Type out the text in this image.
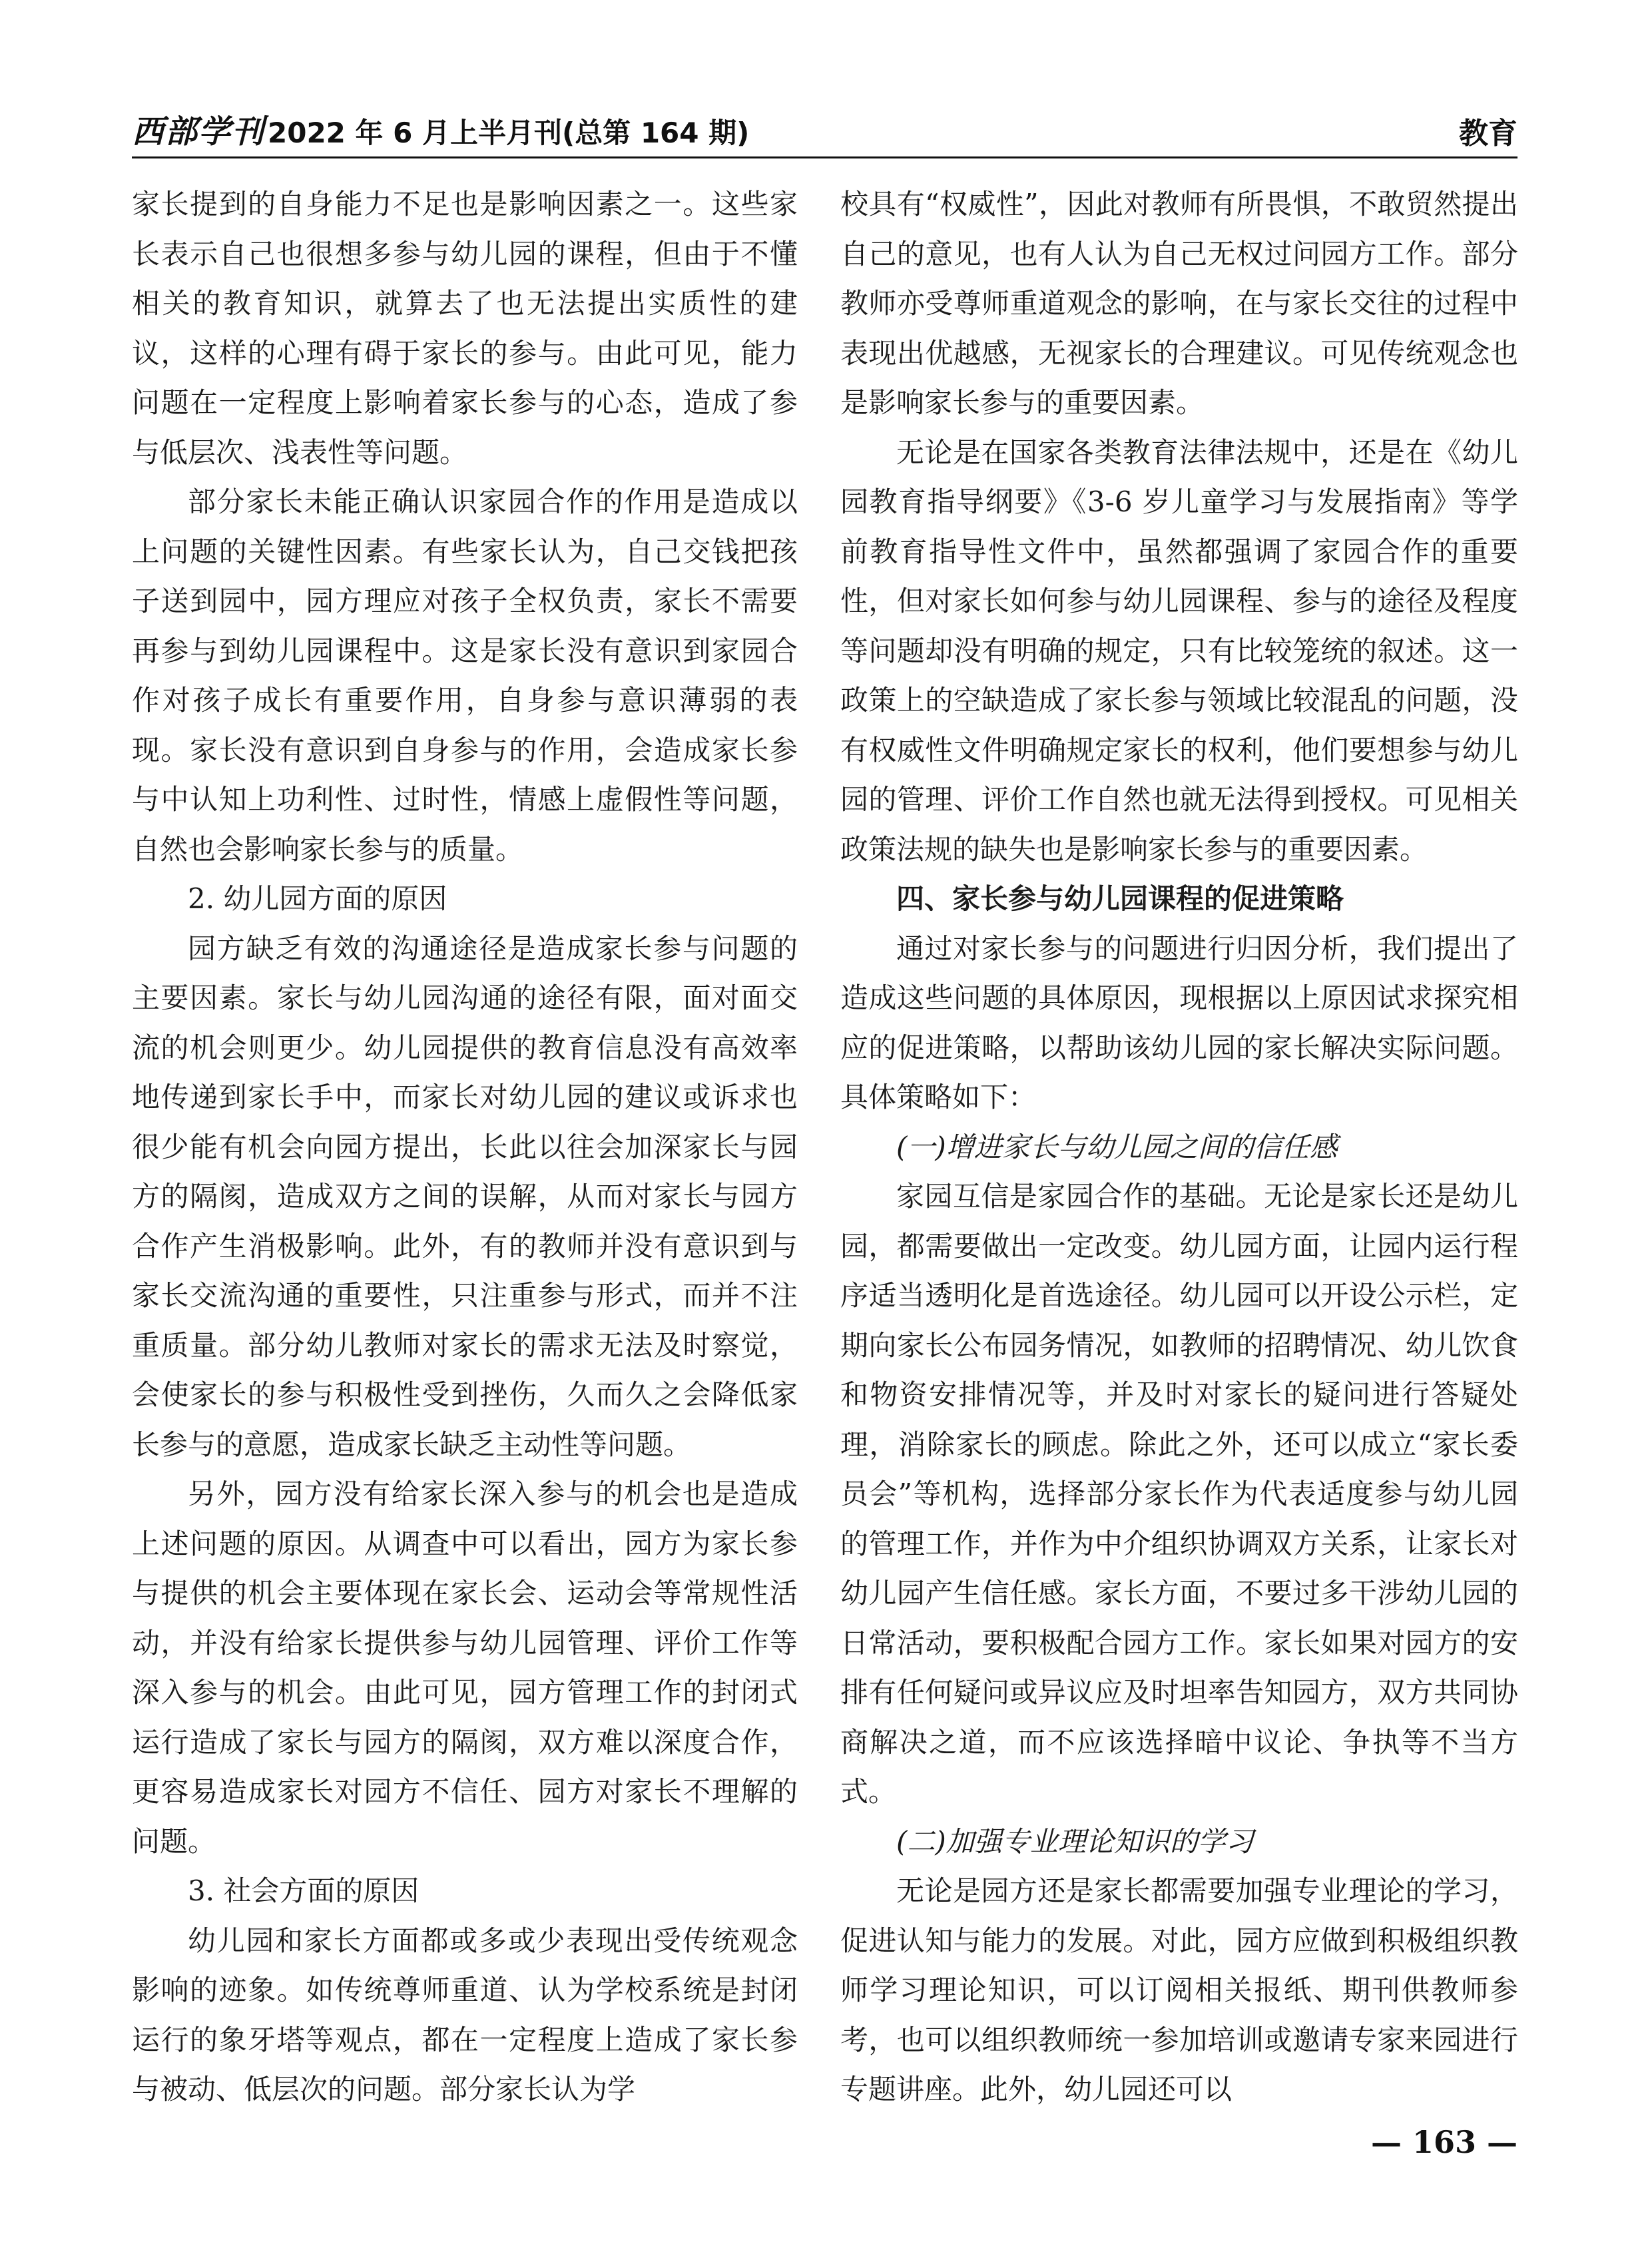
西部学刊 2022 年 6 月上半月刊(总第 164 期)	教育

家长提到的自身能力不足也是影响因素之一。这些家长表示自己也很想多参与幼儿园的课程，但由于不懂相关的教育知识，就算去了也无法提出实质性的建议，这样的心理有碍于家长的参与。由此可见，能力问题在一定程度上影响着家长参与的心态，造成了参与低层次、浅表性等问题。

部分家长未能正确认识家园合作的作用是造成以上问题的关键性因素。有些家长认为，自己交钱把孩子送到园中，园方理应对孩子全权负责，家长不需要再参与到幼儿园课程中。这是家长没有意识到家园合作对孩子成长有重要作用，自身参与意识薄弱的表现。家长没有意识到自身参与的作用，会造成家长参与中认知上功利性、过时性，情感上虚假性等问题，自然也会影响家长参与的质量。

2. 幼儿园方面的原因

园方缺乏有效的沟通途径是造成家长参与问题的主要因素。家长与幼儿园沟通的途径有限，面对面交流的机会则更少。幼儿园提供的教育信息没有高效率地传递到家长手中，而家长对幼儿园的建议或诉求也很少能有机会向园方提出，长此以往会加深家长与园方的隔阂，造成双方之间的误解，从而对家长与园方合作产生消极影响。此外，有的教师并没有意识到与家长交流沟通的重要性，只注重参与形式，而并不注重质量。部分幼儿教师对家长的需求无法及时察觉，会使家长的参与积极性受到挫伤，久而久之会降低家长参与的意愿，造成家长缺乏主动性等问题。

另外，园方没有给家长深入参与的机会也是造成上述问题的原因。从调查中可以看出，园方为家长参与提供的机会主要体现在家长会、运动会等常规性活动，并没有给家长提供参与幼儿园管理、评价工作等深入参与的机会。由此可见，园方管理工作的封闭式运行造成了家长与园方的隔阂，双方难以深度合作，更容易造成家长对园方不信任、园方对家长不理解的问题。

3. 社会方面的原因

幼儿园和家长方面都或多或少表现出受传统观念影响的迹象。如传统尊师重道、认为学校系统是封闭运行的象牙塔等观点，都在一定程度上造成了家长参与被动、低层次的问题。部分家长认为学

校具有“权威性”，因此对教师有所畏惧，不敢贸然提出自己的意见，也有人认为自己无权过问园方工作。部分教师亦受尊师重道观念的影响，在与家长交往的过程中表现出优越感，无视家长的合理建议。可见传统观念也是影响家长参与的重要因素。

无论是在国家各类教育法律法规中，还是在《幼儿园教育指导纲要》《3-6 岁儿童学习与发展指南》等学前教育指导性文件中，虽然都强调了家园合作的重要性，但对家长如何参与幼儿园课程、参与的途径及程度等问题却没有明确的规定，只有比较笼统的叙述。这一政策上的空缺造成了家长参与领域比较混乱的问题，没有权威性文件明确规定家长的权利，他们要想参与幼儿园的管理、评价工作自然也就无法得到授权。可见相关政策法规的缺失也是影响家长参与的重要因素。

四、家长参与幼儿园课程的促进策略

通过对家长参与的问题进行归因分析，我们提出了造成这些问题的具体原因，现根据以上原因试求探究相应的促进策略，以帮助该幼儿园的家长解决实际问题。具体策略如下：

(一)增进家长与幼儿园之间的信任感

家园互信是家园合作的基础。无论是家长还是幼儿园，都需要做出一定改变。幼儿园方面，让园内运行程序适当透明化是首选途径。幼儿园可以开设公示栏，定期向家长公布园务情况，如教师的招聘情况、幼儿饮食和物资安排情况等，并及时对家长的疑问进行答疑处理，消除家长的顾虑。除此之外，还可以成立“家长委员会”等机构，选择部分家长作为代表适度参与幼儿园的管理工作，并作为中介组织协调双方关系，让家长对幼儿园产生信任感。家长方面，不要过多干涉幼儿园的日常活动，要积极配合园方工作。家长如果对园方的安排有任何疑问或异议应及时坦率告知园方，双方共同协商解决之道，而不应该选择暗中议论、争执等不当方式。

(二)加强专业理论知识的学习

无论是园方还是家长都需要加强专业理论的学习，促进认知与能力的发展。对此，园方应做到积极组织教师学习理论知识，可以订阅相关报纸、期刊供教师参考，也可以组织教师统一参加培训或邀请专家来园进行专题讲座。此外，幼儿园还可以

— 163 —
